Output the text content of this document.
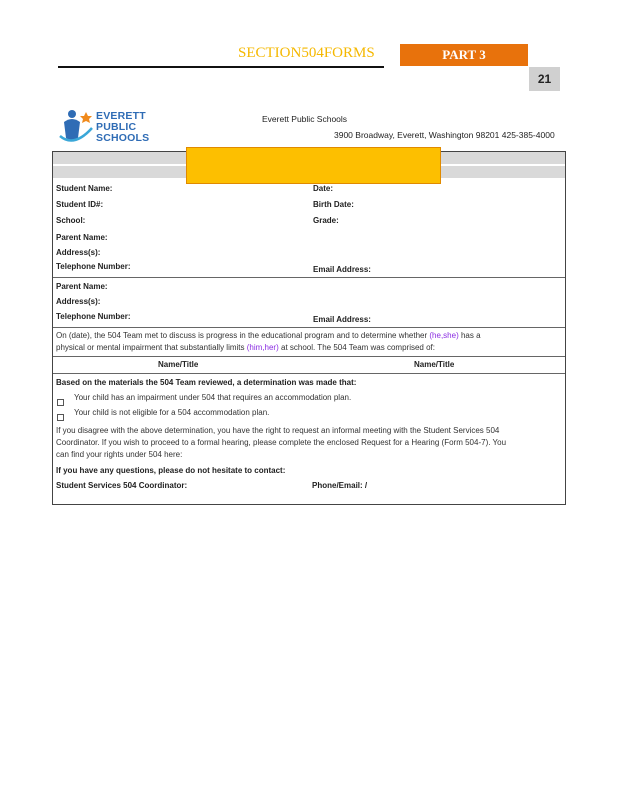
SECTION504FORMS	PART 3
21
EVERETT
PUBLIC
SCHOOLS
Everett Public Schools
3900 Broadway, Everett, Washington 98201 425-385-4000
Student Name:	Date:
Student ID#:	Birth Date:
School:	Grade:
Parent Name:
Address(s):
Telephone Number:	Email Address:
Parent Name:
Address(s):
Telephone Number:	Email Address:
On (date), the 504 Team met to discuss is progress in the educational program and to determine whether (he,she) has a
physical or mental impairment that substantially limits (him,her) at school. The 504 Team was comprised of:
Name/Title	Name/Title
Based on the materials the 504 Team reviewed, a determination was made that:
Your child has an impairment under 504 that requires an accommodation plan.
Your child is not eligible for a 504 accommodation plan.
If you disagree with the above determination, you have the right to request an informal meeting with the Student Services 504
Coordinator. If you wish to proceed to a formal hearing, please complete the enclosed Request for a Hearing (Form 504-7). You
can find your rights under 504 here:
If you have any questions, please do not hesitate to contact:
Student Services 504 Coordinator:	Phone/Email: /
